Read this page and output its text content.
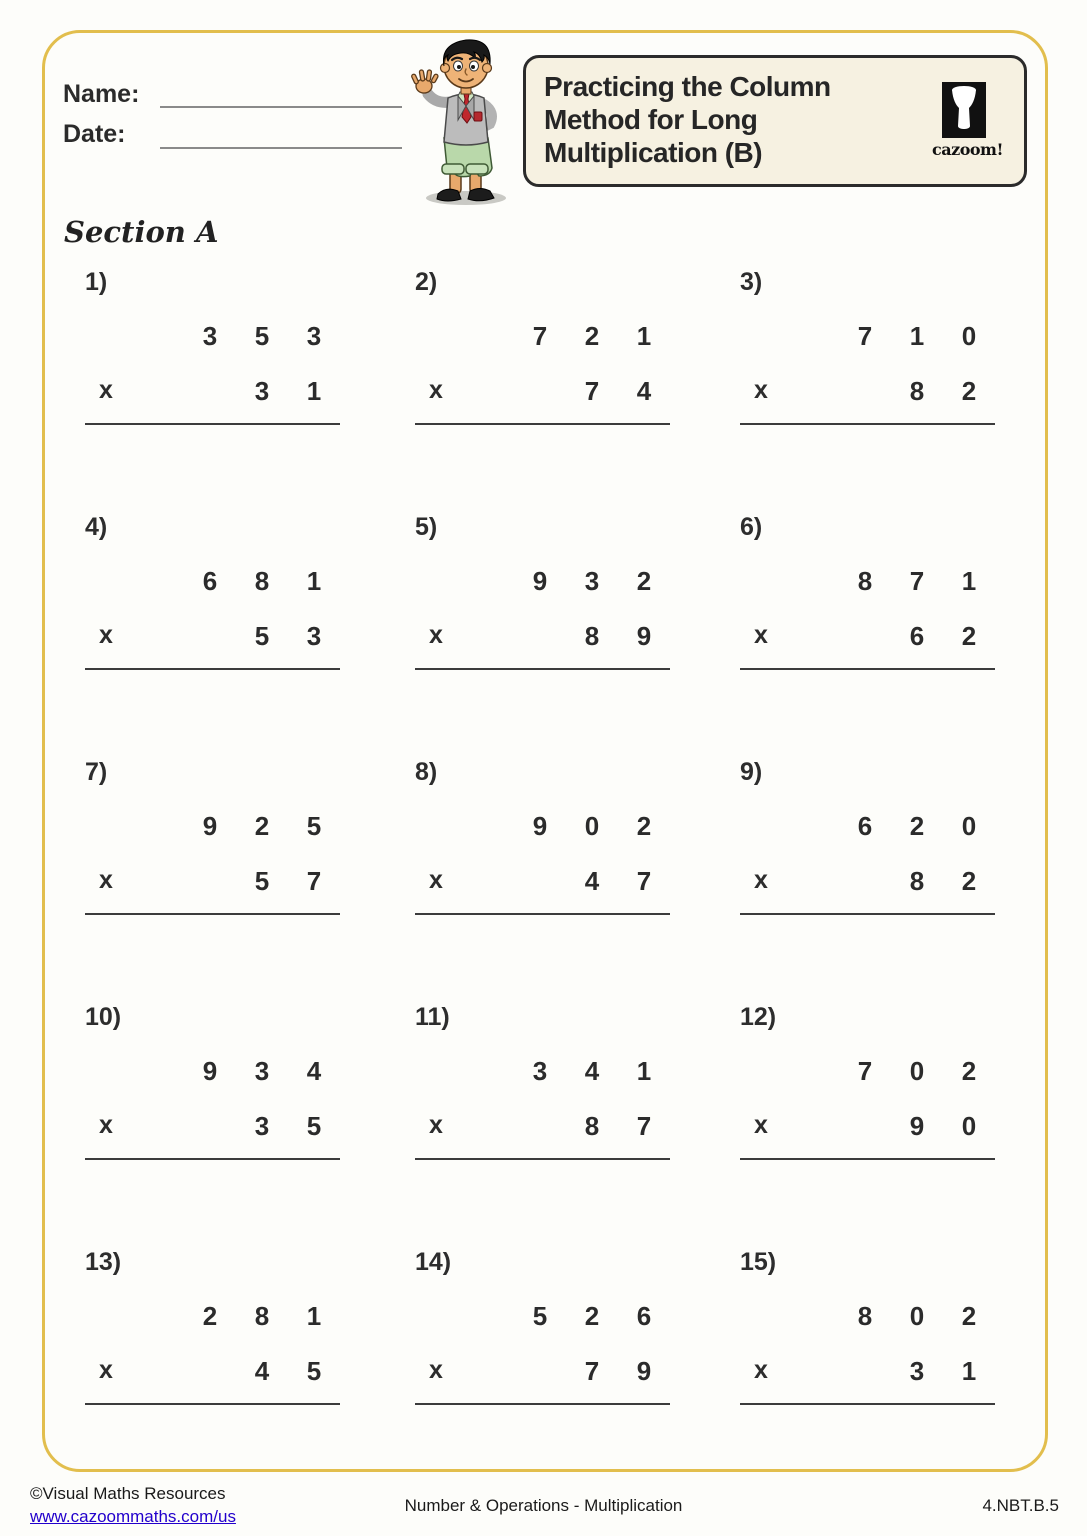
Name:
Date:
Practicing the Column Method for Long Multiplication (B)	cazoom!
Section A
1)
3	5	3
x	3	1
2)
7	2	1
x	7	4
3)
7	1	0
x	8	2
4)
6	8	1
x	5	3
5)
9	3	2
x	8	9
6)
8	7	1
x	6	2
7)
9	2	5
x	5	7
8)
9	0	2
x	4	7
9)
6	2	0
x	8	2
10)
9	3	4
x	3	5
11)
3	4	1
x	8	7
12)
7	0	2
x	9	0
13)
2	8	1
x	4	5
14)
5	2	6
x	7	9
15)
8	0	2
x	3	1
©Visual Maths Resources
www.cazoommaths.com/us
Number & Operations - Multiplication	4.NBT.B.5
